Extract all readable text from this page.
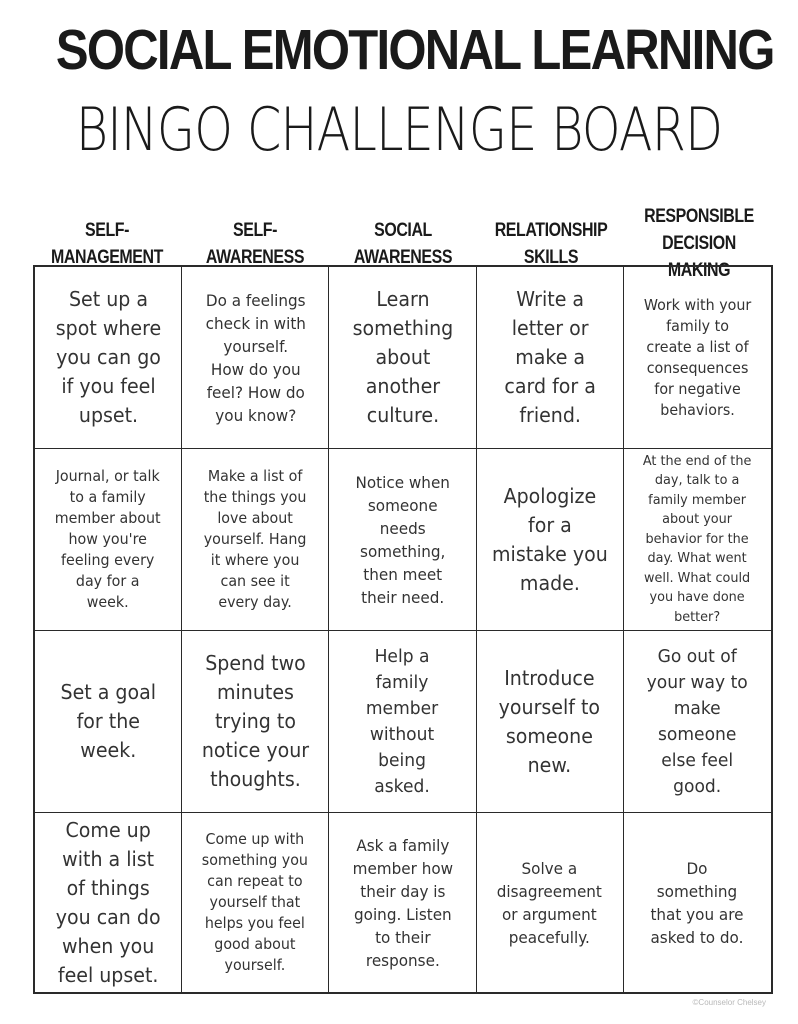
SOCIAL EMOTIONAL LEARNING
BINGO CHALLENGE BOARD
SELF-
MANAGEMENT
SELF-
AWARENESS
SOCIAL
AWARENESS
RELATIONSHIP
SKILLS
RESPONSIBLE
DECISION MAKING
Set up a
spot where
you can go
if you feel
upset.
Do a feelings
check in with
yourself.
How do you
feel? How do
you know?
Learn
something
about
another
culture.
Write a
letter or
make a
card for a
friend.
Work with your
family to
create a list of
consequences
for negative
behaviors.
Journal, or talk
to a family
member about
how you're
feeling every
day for a
week.
Make a list of
the things you
love about
yourself. Hang
it where you
can see it
every day.
Notice when
someone
needs
something,
then meet
their need.
Apologize
for a
mistake you
made.
At the end of the
day, talk to a
family member
about your
behavior for the
day. What went
well. What could
you have done
better?
Set a goal
for the
week.
Spend two
minutes
trying to
notice your
thoughts.
Help a
family
member
without
being
asked.
Introduce
yourself to
someone
new.
Go out of
your way to
make
someone
else feel
good.
Come up
with a list
of things
you can do
when you
feel upset.
Come up with
something you
can repeat to
yourself that
helps you feel
good about
yourself.
Ask a family
member how
their day is
going. Listen
to their
response.
Solve a
disagreement
or argument
peacefully.
Do
something
that you are
asked to do.
©Counselor Chelsey
